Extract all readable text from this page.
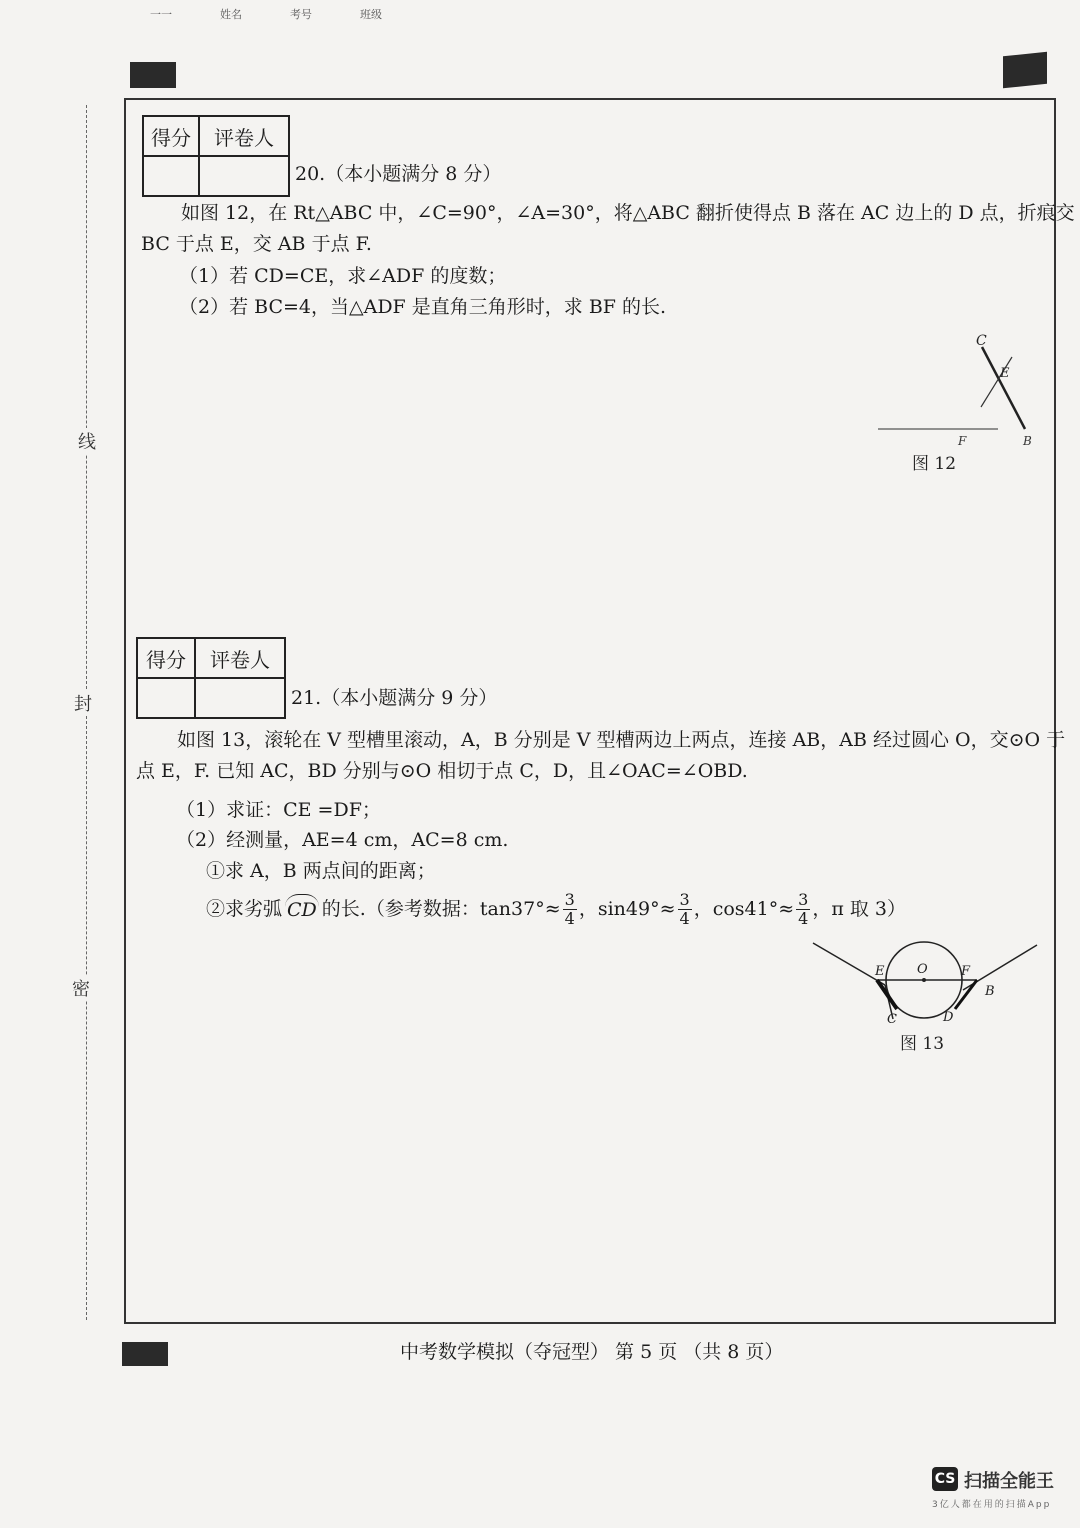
一一	姓名	考号	班级
线
封
密
得分	评卷人

20.（本小题满分 8 分）
如图 12，在 Rt△ABC 中，∠C=90°，∠A=30°，将△ABC 翻折使得点 B 落在 AC 边上的 D 点，折痕交
BC 于点 E，交 AB 于点 F.
（1）若 CD=CE，求∠ADF 的度数；
（2）若 BC=4，当△ADF 是直角三角形时，求 BF 的长.
C
E
F	B
图 12
得分	评卷人

21.（本小题满分 9 分）
如图 13，滚轮在 V 型槽里滚动，A，B 分别是 V 型槽两边上两点，连接 AB，AB 经过圆心 O，交⊙O 于
点 E，F. 已知 AC，BD 分别与⊙O 相切于点 C，D，且∠OAC=∠OBD.
（1）求证：CE =DF；
（2）经测量，AE=4 cm，AC=8 cm.
①求 A，B 两点间的距离；
②求劣弧 CD 的长.（参考数据：$\tan 37^\circ\approx \frac{3}{4}$ ，$\sin 49^\circ\approx \frac{3}{4}$ ，$\cos 41^\circ\approx \frac{3}{4}$ ，π 取 3）
E	O	F
B
C	D
图 13
中考数学模拟（夺冠型） 第 5 页 （共 8 页）
CS 扫描全能王
3亿人都在用的扫描App
